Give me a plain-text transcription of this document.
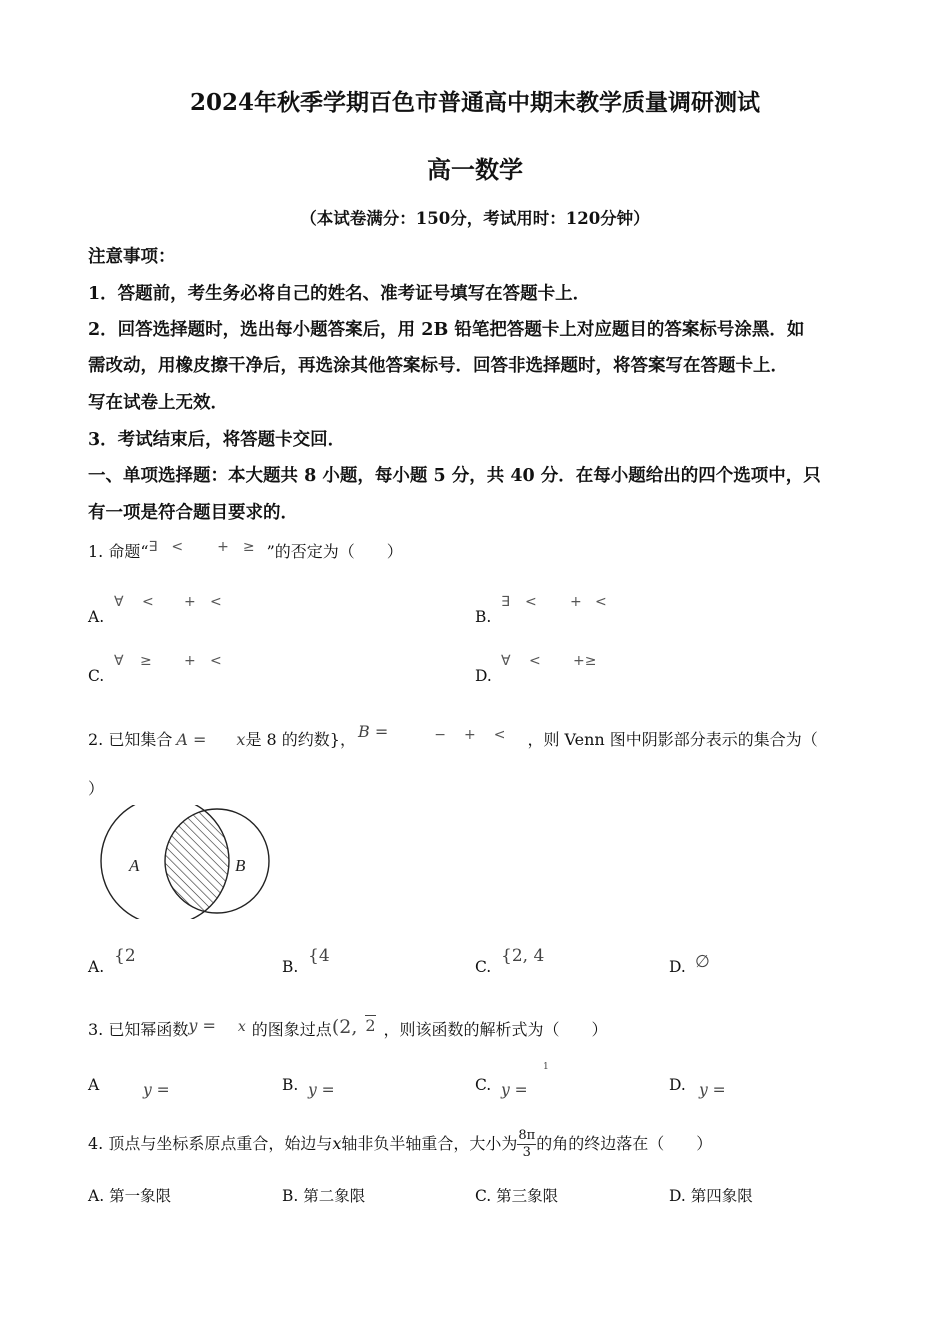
2024年秋季学期百色市普通高中期末教学质量调研测试
高一数学
（本试卷满分：150分，考试用时：120分钟）
注意事项：
1．答题前，考生务必将自己的姓名、准考证号填写在答题卡上．
2．回答选择题时，选出每小题答案后，用 2B 铅笔把答题卡上对应题目的答案标号涂黑．如
需改动，用橡皮擦干净后，再选涂其他答案标号．回答非选择题时，将答案写在答题卡上．
写在试卷上无效．
3．考试结束后，将答题卡交回．
一、单项选择题：本大题共 8 小题，每小题 5 分，共 40 分．在每小题给出的四个选项中，只
有一项是符合题目要求的．
1. 命题“∃ < + ≥ ”的否定为（　　）
A.
∀ < + <
B.
∃ < + <
C.
∀ ≥ + <
D.
∀ < +≥
2. 已知集合 A = x是 8 的约数}， B =	− + < ，则 Venn 图中阴影部分表示的集合为（
）
A	B
A.
{2
B.
{4
C.
{2, 4
D. ∅
3. 已知幂函数y = x 的图象过点(2, 2 ，则该函数的解析式为（　　）
A	y =	B. y =	C. y =
1
D. y =
4. 顶点与坐标系原点重合，始边与x轴非负半轴重合，大小为 $\frac{8\pi}{3}$ 的角的终边落在（　　）
A. 第一象限	B. 第二象限	C. 第三象限	D. 第四象限
